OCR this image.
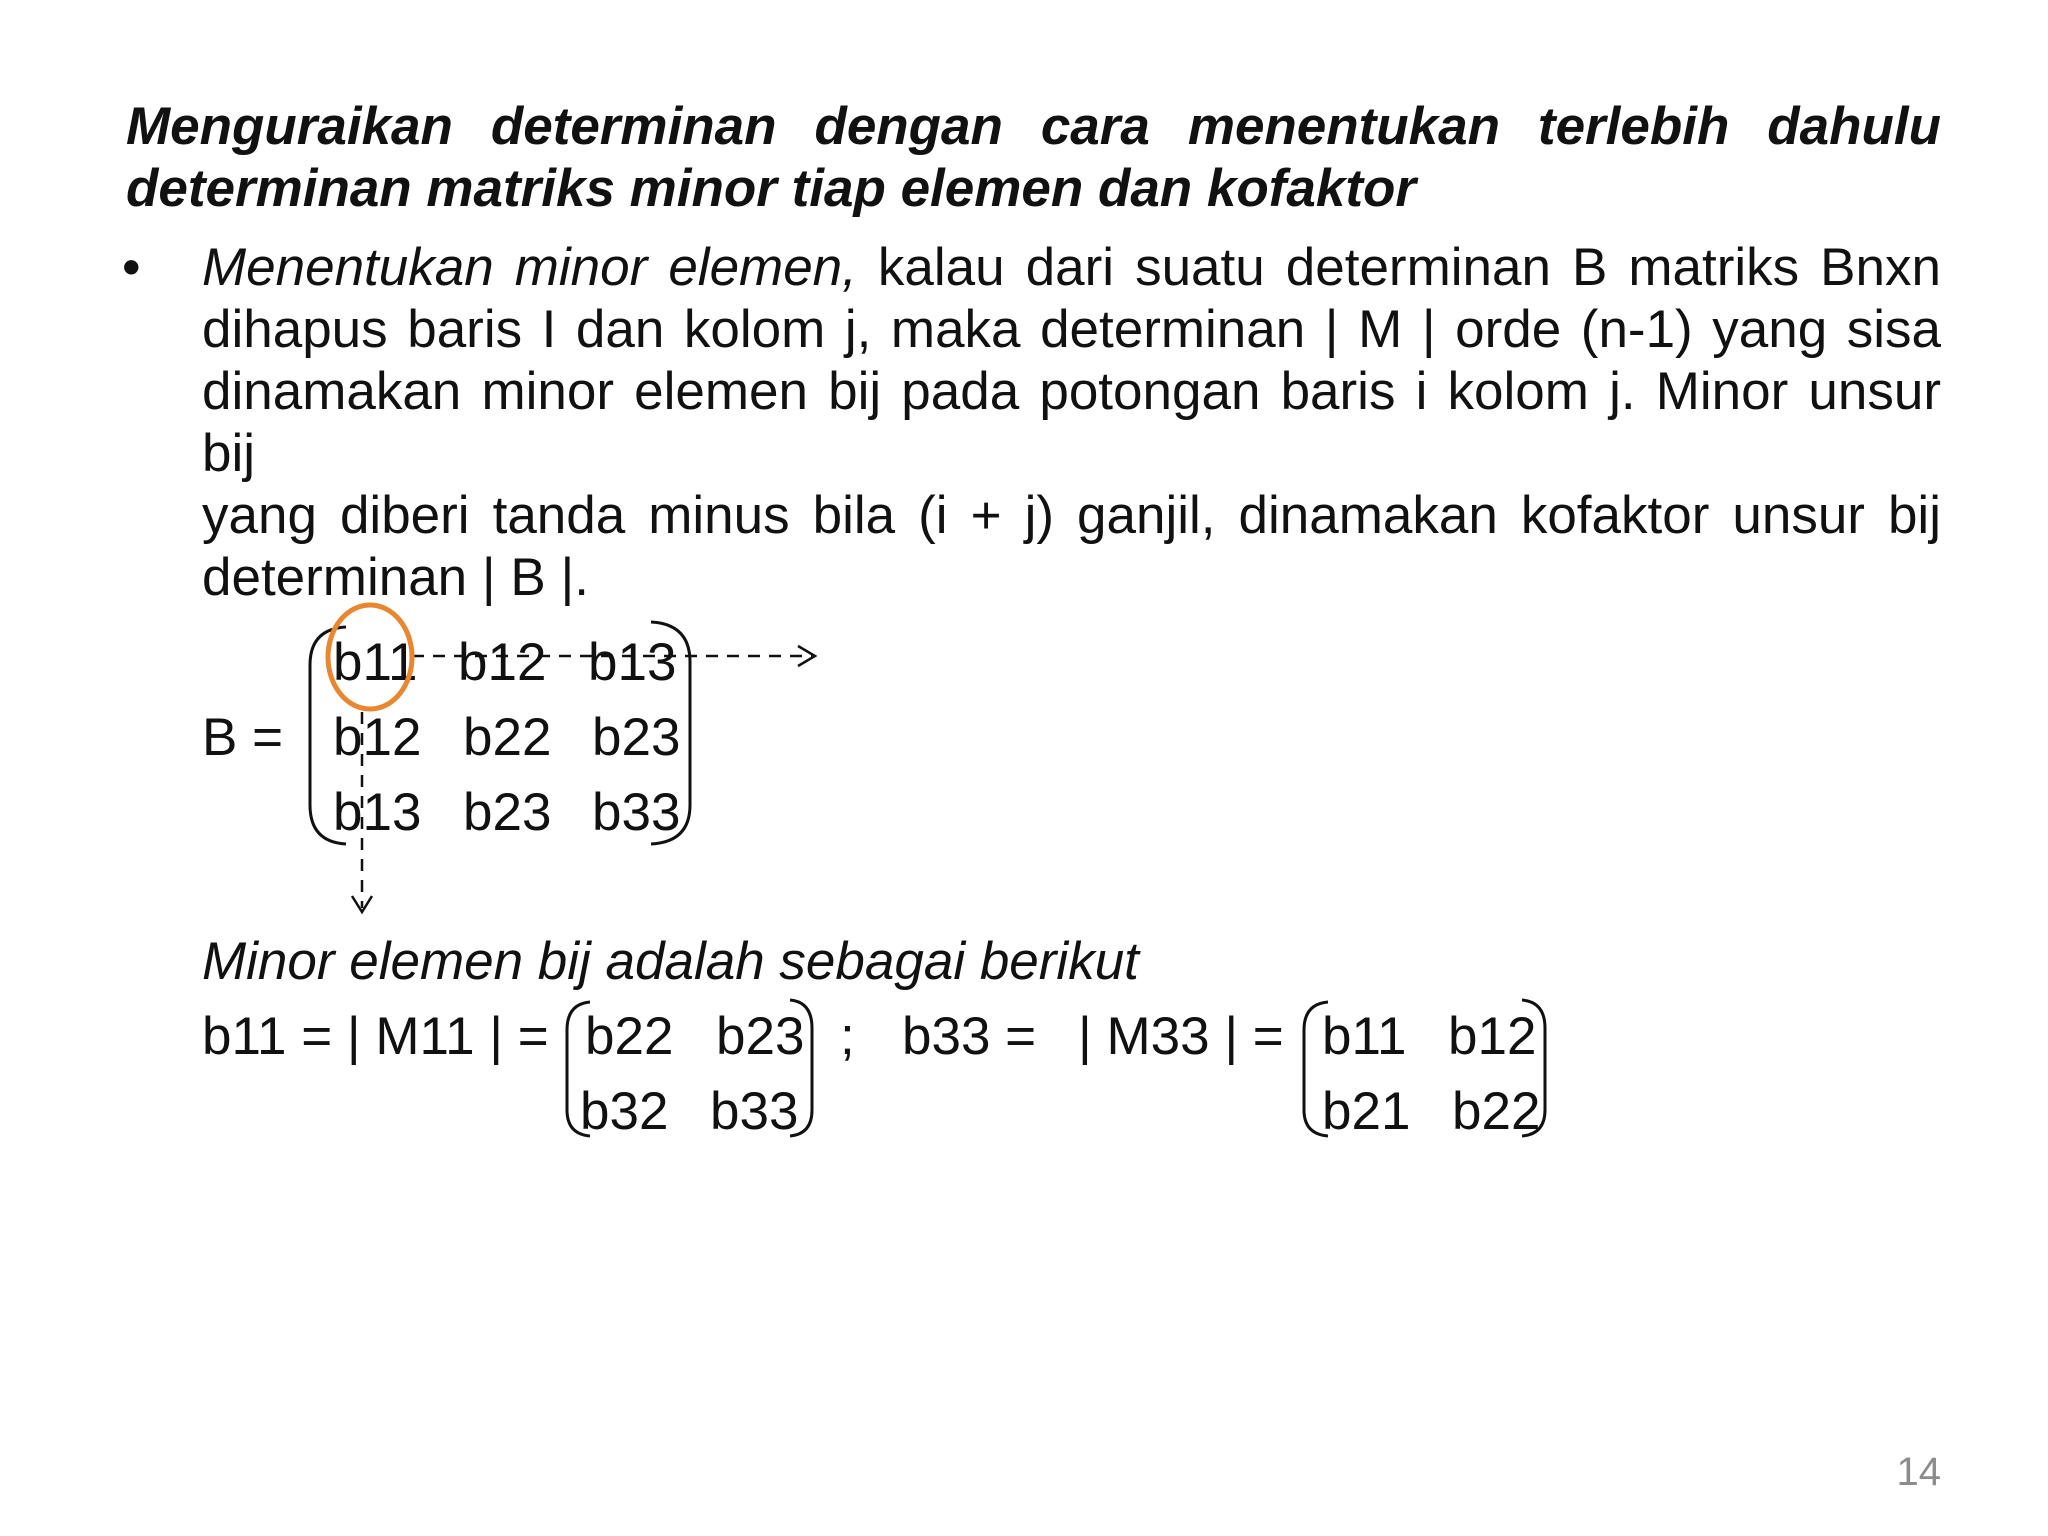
Menguraikan determinan dengan cara menentukan terlebih dahulu
determinan matriks minor tiap elemen dan kofaktor
• Menentukan minor elemen, kalau dari suatu determinan B matriks Bnxn
dihapus baris I dan kolom j, maka determinan | M | orde (n-1) yang sisa
dinamakan minor elemen bij pada potongan baris i kolom j. Minor unsur bij
yang diberi tanda minus bila (i + j) ganjil, dinamakan kofaktor unsur bij
determinan | B |.
B =
b11 b12 b13
b12 b22 b23
b13 b23 b33
Minor elemen bij adalah sebagai berikut
b11 = | M11 | = b22 b23
b32 b33
; b33 = | M33 | = b11 b12
b21 b22
14
